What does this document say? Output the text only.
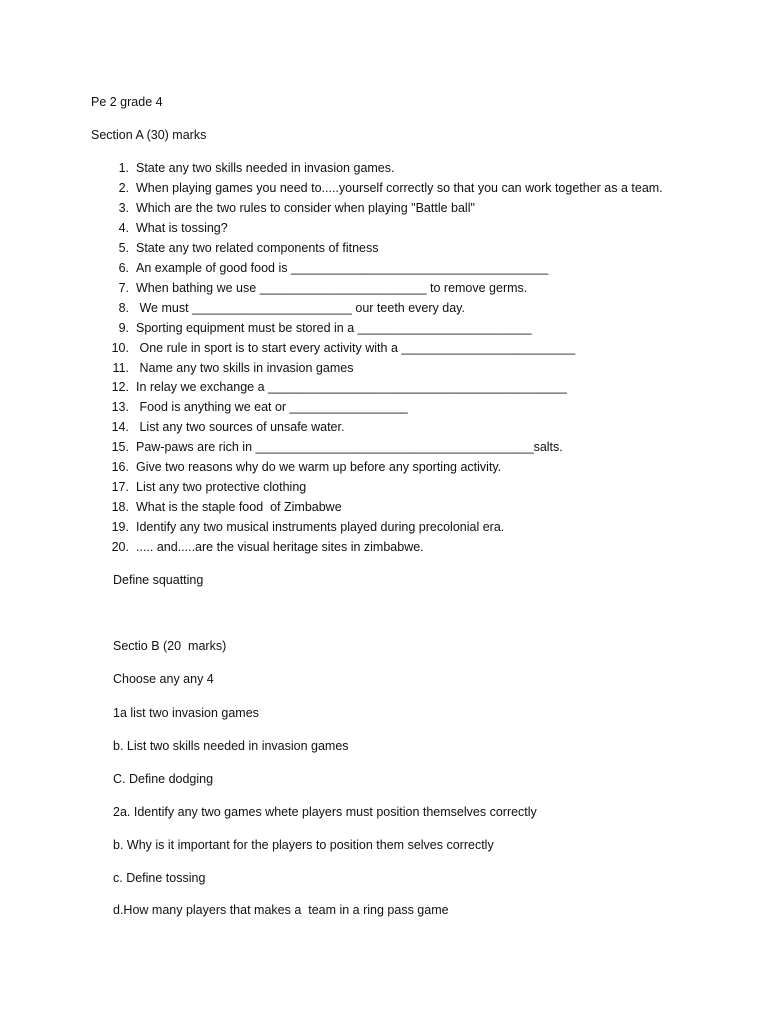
Pe 2 grade 4
Section A (30) marks
1. State any two skills needed in invasion games.
2. When playing games you need to.....yourself correctly so that you can work together as a team.
3. Which are the two rules to consider when playing "Battle ball"
4. What is tossing?
5. State any two related components of fitness
6. An example of good food is _____________________________________
7. When bathing we use ________________________ to remove germs.
8. We must _______________________ our teeth every day.
9. Sporting equipment must be stored in a _________________________
10. One rule in sport is to start every activity with a _________________________
11. Name any two skills in invasion games
12. In relay we exchange a ___________________________________________
13. Food is anything we eat or _________________
14. List any two sources of unsafe water.
15. Paw-paws are rich in ________________________________________salts.
16. Give two reasons why do we warm up before any sporting activity.
17. List any two protective clothing
18. What is the staple food  of Zimbabwe
19. Identify any two musical instruments played during precolonial era.
20. ..... and.....are the visual heritage sites in zimbabwe.
Define squatting
Sectio B (20  marks)
Choose any any 4
1a list two invasion games
b. List two skills needed in invasion games
C. Define dodging
2a. Identify any two games whete players must position themselves correctly
b. Why is it important for the players to position them selves correctly
c. Define tossing
d.How many players that makes a  team in a ring pass game
